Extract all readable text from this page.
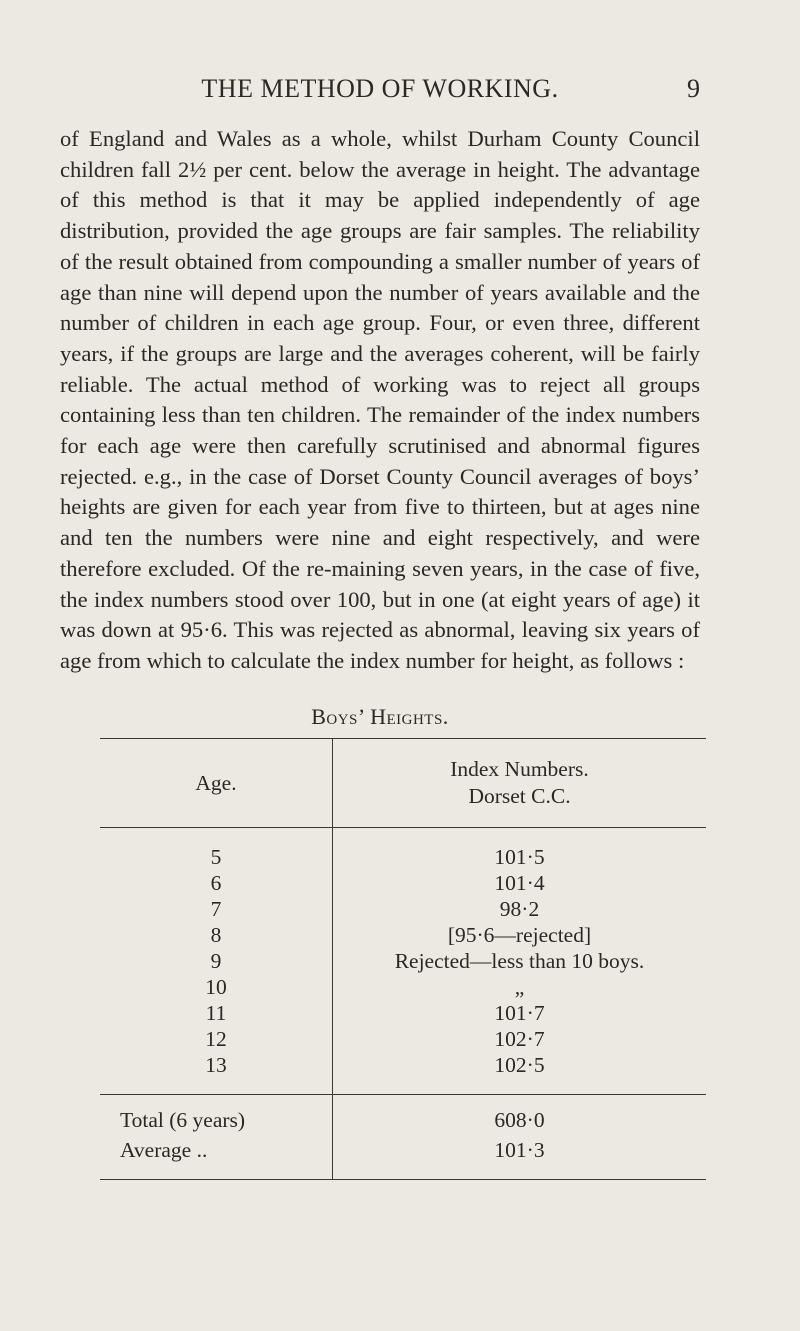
THE METHOD OF WORKING.	9

of England and Wales as a whole, whilst Durham County Council children fall 2½ per cent. below the average in height. The advantage of this method is that it may be applied independently of age distribution, provided the age groups are fair samples. The reliability of the result obtained from compounding a smaller number of years of age than nine will depend upon the number of years available and the number of children in each age group. Four, or even three, different years, if the groups are large and the averages coherent, will be fairly reliable. The actual method of working was to reject all groups containing less than ten children. The remainder of the index numbers for each age were then carefully scrutinised and abnormal figures rejected. e.g., in the case of Dorset County Council averages of boys’ heights are given for each year from five to thirteen, but at ages nine and ten the numbers were nine and eight respectively, and were therefore excluded. Of the re-maining seven years, in the case of five, the index numbers stood over 100, but in one (at eight years of age) it was down at 95·6. This was rejected as abnormal, leaving six years of age from which to calculate the index number for height, as follows :

Boys’ Heights.
Age.	Index Numbers.
Dorset C.C.
5	101·5
6	101·4
7	98·2
8	[95·6—rejected]
9	Rejected—less than 10 boys.
10	„
11	101·7
12	102·7
13	102·5
Total (6 years)	608·0
Average ..	101·3
